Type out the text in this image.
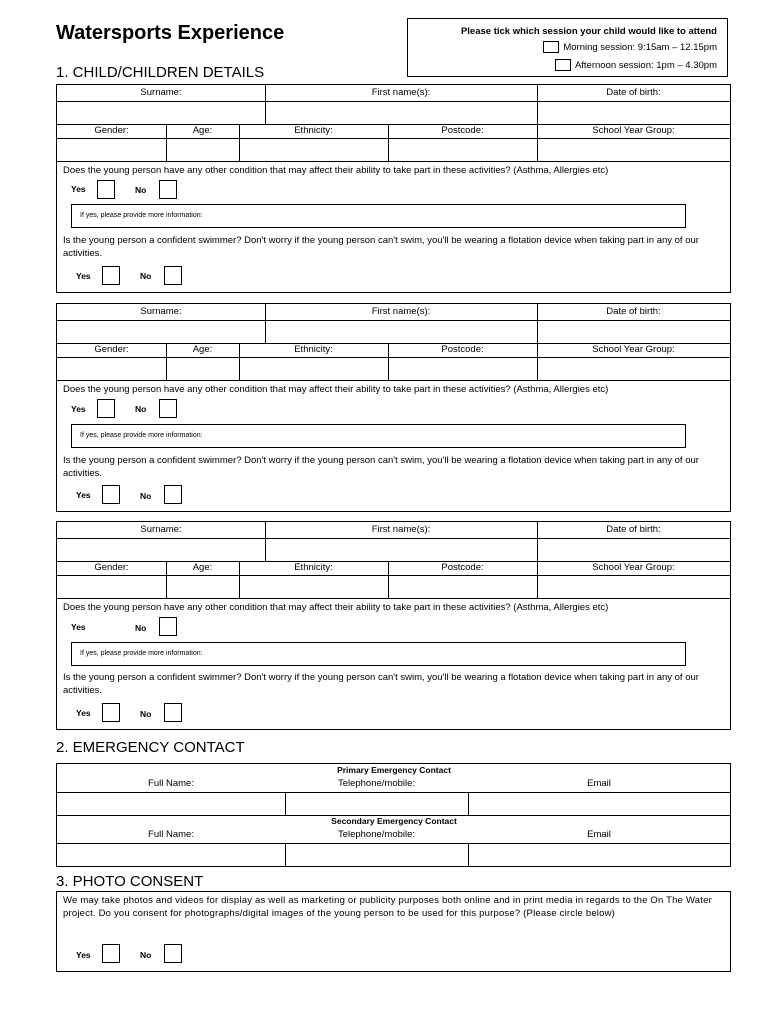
Watersports Experience	Please tick which session your child would like to attend
Morning session: 9:15am – 12.15pm
Afternoon session: 1pm – 4.30pm
1. CHILD/CHILDREN DETAILS
Surname:	First name(s):	Date of birth:
Gender:	Age:	Ethnicity:	Postcode:	School Year Group:
Does the young person have any other condition that may affect their ability to take part in these activities? (Asthma, Allergies etc)
Yes	No
If yes, please provide more information:
Is the young person a confident swimmer? Don't worry if the young person can't swim, you'll be wearing a flotation device when taking part in any of our activities.
Yes	No
Surname:	First name(s):	Date of birth:
Gender:	Age:	Ethnicity:	Postcode:	School Year Group:
Does the young person have any other condition that may affect their ability to take part in these activities? (Asthma, Allergies etc)
Yes	No
If yes, please provide more information:
Is the young person a confident swimmer? Don't worry if the young person can't swim, you'll be wearing a flotation device when taking part in any of our activities.
Yes	No
Surname:	First name(s):	Date of birth:
Gender:	Age:	Ethnicity:	Postcode:	School Year Group:
Does the young person have any other condition that may affect their ability to take part in these activities? (Asthma, Allergies etc)
Yes	No
If yes, please provide more information:
Is the young person a confident swimmer? Don't worry if the young person can't swim, you'll be wearing a flotation device when taking part in any of our activities.
Yes	No
2. EMERGENCY CONTACT
Primary Emergency Contact
Full Name:	Telephone/mobile:	Email
Secondary Emergency Contact
Full Name:	Telephone/mobile:	Email
3. PHOTO CONSENT
We may take photos and videos for display as well as marketing or publicity purposes both online and in print media in regards to the On The Water project. Do you consent for photographs/digital images of the young person to be used for this purpose? (Please circle below)
Yes	No
